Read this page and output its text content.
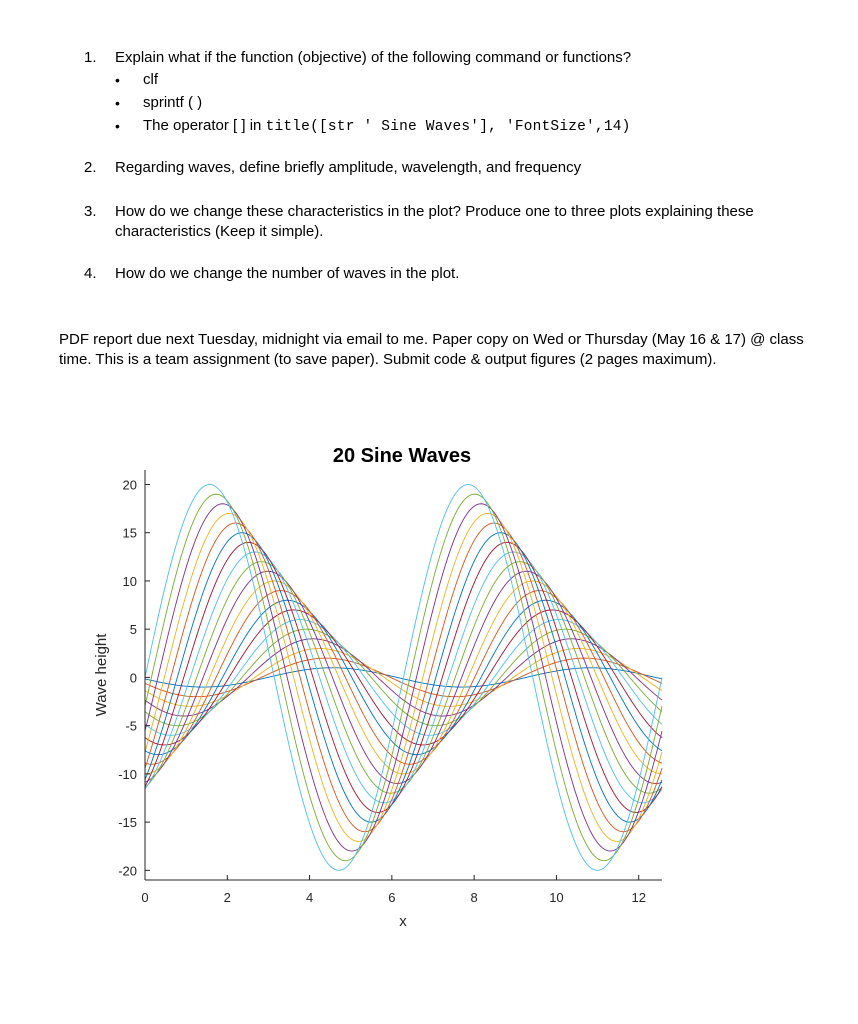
1. Explain what if the function (objective) of the following command or functions?
• clf
• sprintf ( )
• The operator [ ] in title([str ' Sine Waves'], 'FontSize',14)
2. Regarding waves, define briefly amplitude, wavelength, and frequency
3. How do we change these characteristics in the plot? Produce one to three plots explaining these characteristics (Keep it simple).
4. How do we change the number of waves in the plot.
PDF report due next Tuesday, midnight via email to me. Paper copy on Wed or Thursday (May 16 & 17) @ class time. This is a team assignment (to save paper). Submit code & output figures (2 pages maximum).
20 Sine Waves
20
15
10
5
0
-5
-10
-15
-20
0	2	4	6	8	10	12
Wave height
x
